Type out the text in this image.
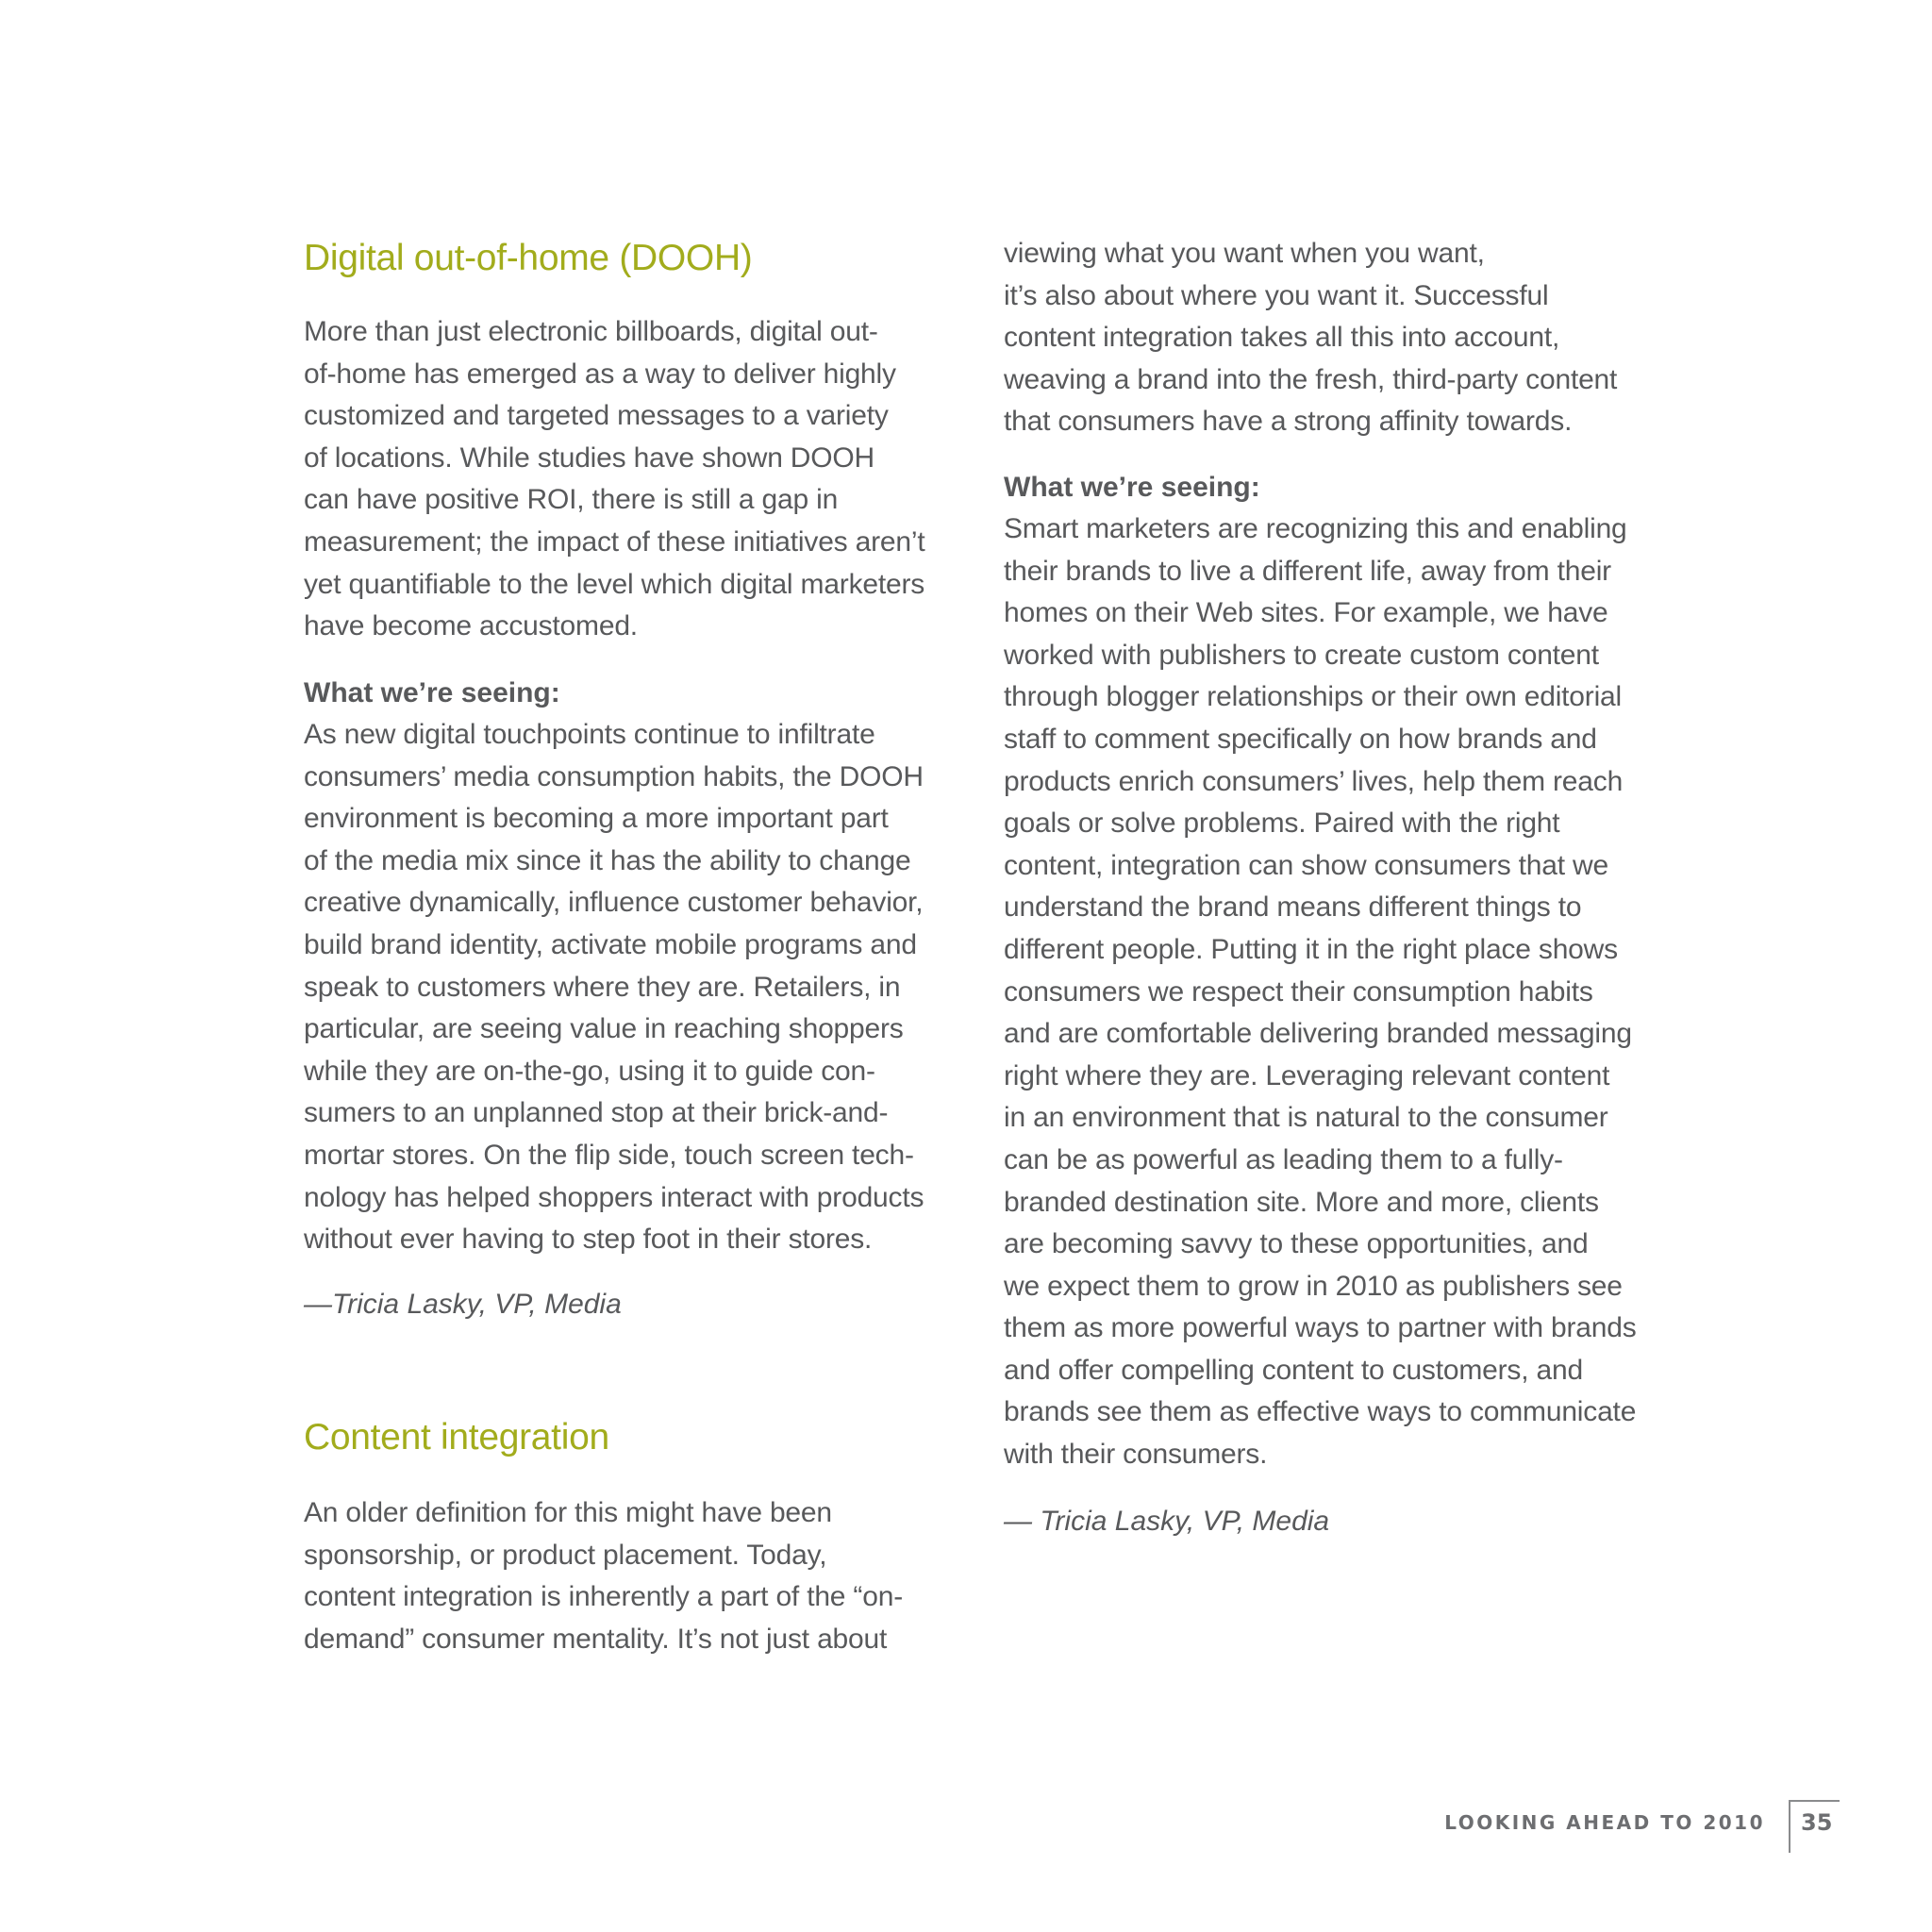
Digital out-of-home (DOOH)
More than just electronic billboards, digital out-
of-home has emerged as a way to deliver highly
customized and targeted messages to a variety
of locations. While studies have shown DOOH
can have positive ROI, there is still a gap in
measurement; the impact of these initiatives aren’t
yet quantifiable to the level which digital marketers
have become accustomed.
What we’re seeing:
As new digital touchpoints continue to infiltrate
consumers’ media consumption habits, the DOOH
environment is becoming a more important part
of the media mix since it has the ability to change
creative dynamically, influence customer behavior,
build brand identity, activate mobile programs and
speak to customers where they are. Retailers, in
particular, are seeing value in reaching shoppers
while they are on-the-go, using it to guide con-
sumers to an unplanned stop at their brick-and-
mortar stores. On the flip side, touch screen tech-
nology has helped shoppers interact with products
without ever having to step foot in their stores.
—Tricia Lasky, VP, Media
Content integration
An older definition for this might have been
sponsorship, or product placement. Today,
content integration is inherently a part of the “on-
demand” consumer mentality. It’s not just about
viewing what you want when you want,
it’s also about where you want it. Successful
content integration takes all this into account,
weaving a brand into the fresh, third-party content
that consumers have a strong affinity towards.
What we’re seeing:
Smart marketers are recognizing this and enabling
their brands to live a different life, away from their
homes on their Web sites. For example, we have
worked with publishers to create custom content
through blogger relationships or their own editorial
staff to comment specifically on how brands and
products enrich consumers’ lives, help them reach
goals or solve problems. Paired with the right
content, integration can show consumers that we
understand the brand means different things to
different people. Putting it in the right place shows
consumers we respect their consumption habits
and are comfortable delivering branded messaging
right where they are. Leveraging relevant content
in an environment that is natural to the consumer
can be as powerful as leading them to a fully-
branded destination site. More and more, clients
are becoming savvy to these opportunities, and
we expect them to grow in 2010 as publishers see
them as more powerful ways to partner with brands
and offer compelling content to customers, and
brands see them as effective ways to communicate
with their consumers.
— Tricia Lasky, VP, Media
LOOKING AHEAD TO 2010 35
